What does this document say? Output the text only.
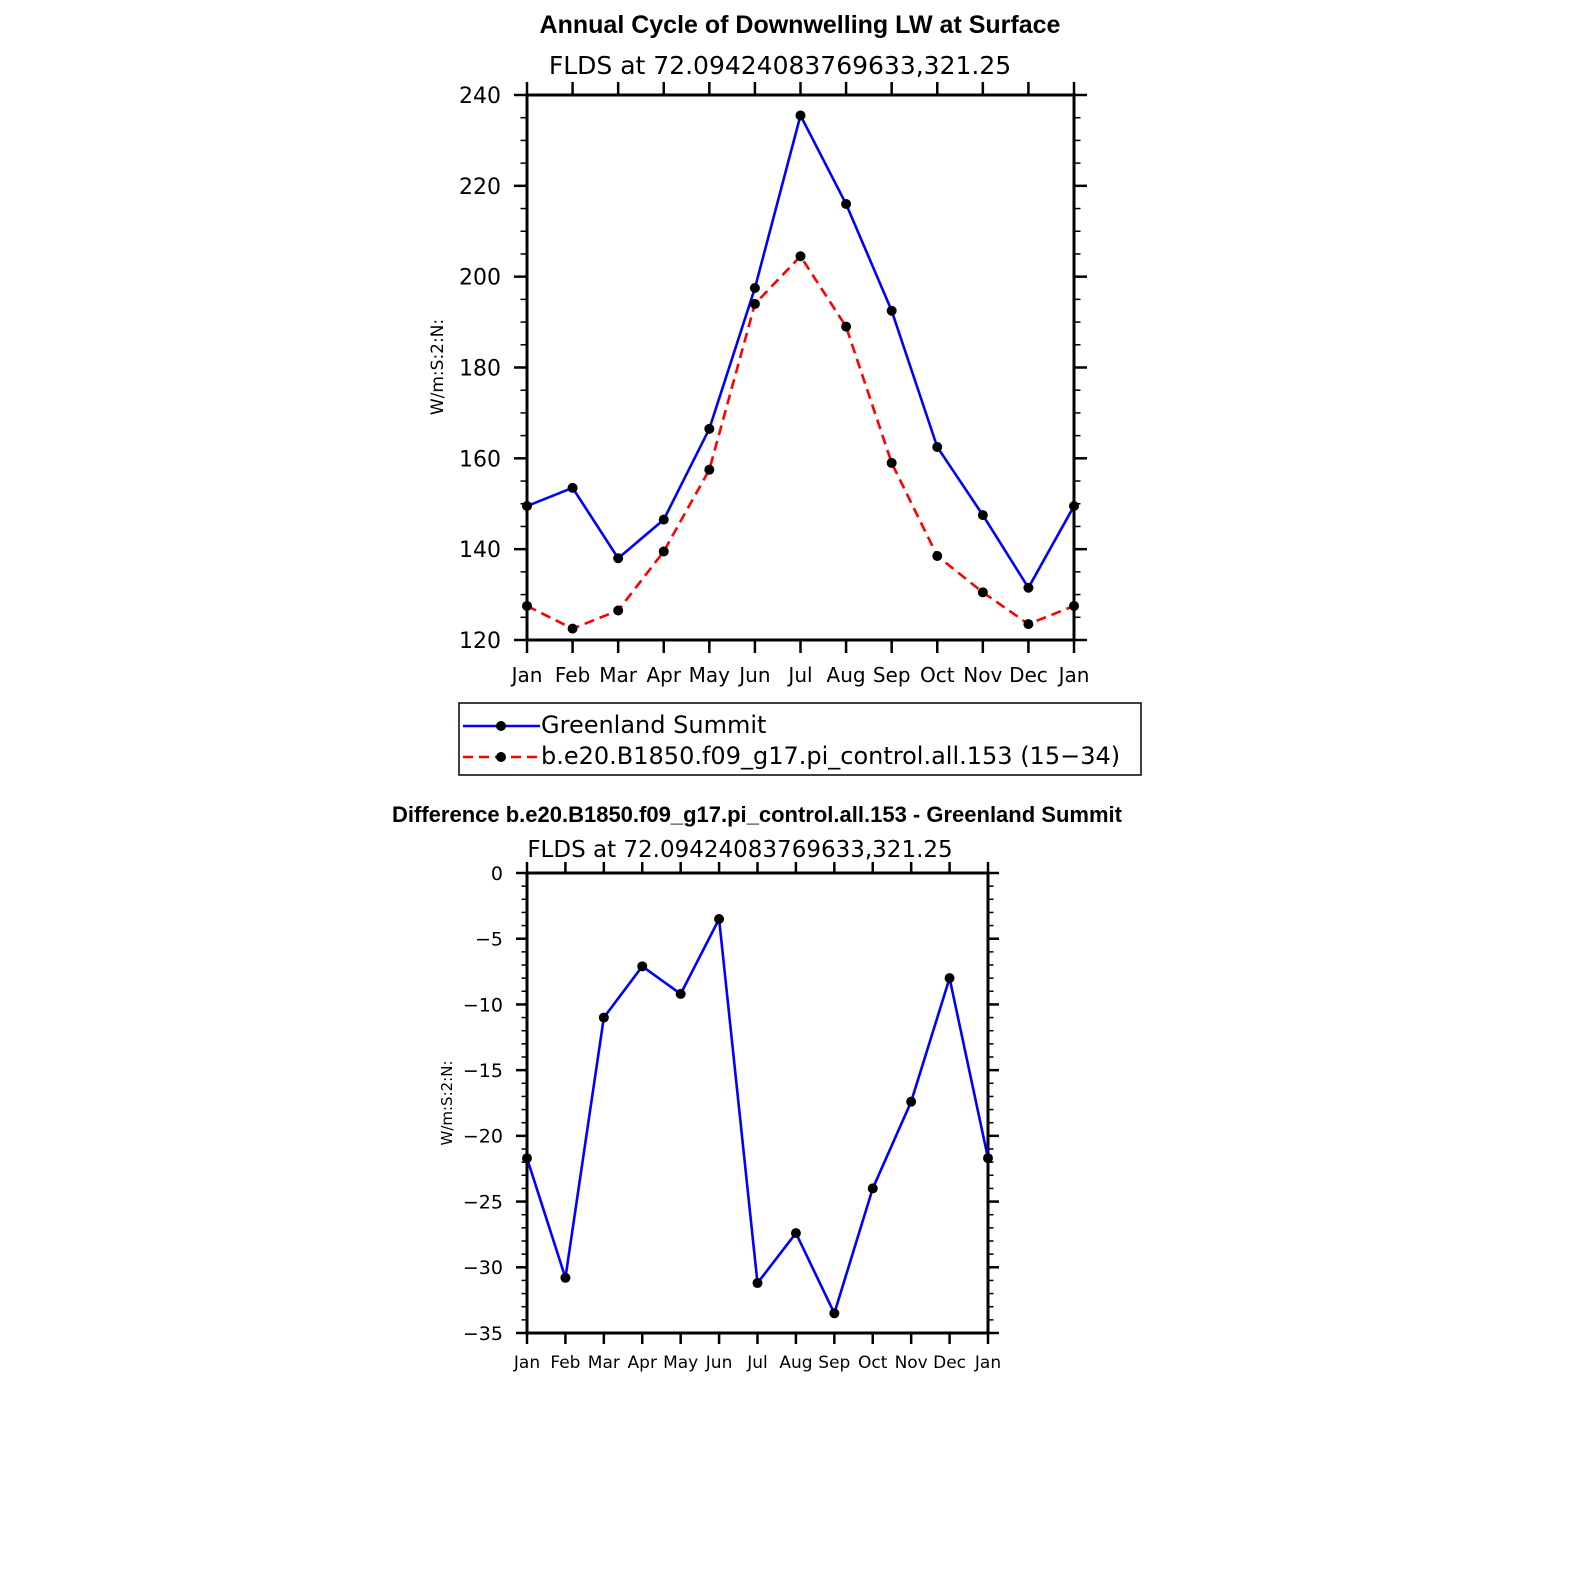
Annual Cycle of Downwelling LW at Surface
FLDS at 72.09424083769633,321.25
W/m:S:2:N:
Jan Feb Mar Apr May Jun Jul Aug Sep Oct Nov Dec Jan
120
140
160
180
200
220
240
Greenland Summit
b.e20.B1850.f09_g17.pi_control.all.153 (15−34)
Difference b.e20.B1850.f09_g17.pi_control.all.153 - Greenland Summit
FLDS at 72.09424083769633,321.25
W/m:S:2:N:
Jan Feb Mar Apr May Jun Jul Aug Sep Oct Nov Dec Jan
−35
−30
−25
−20
−15
−10
−5
0
